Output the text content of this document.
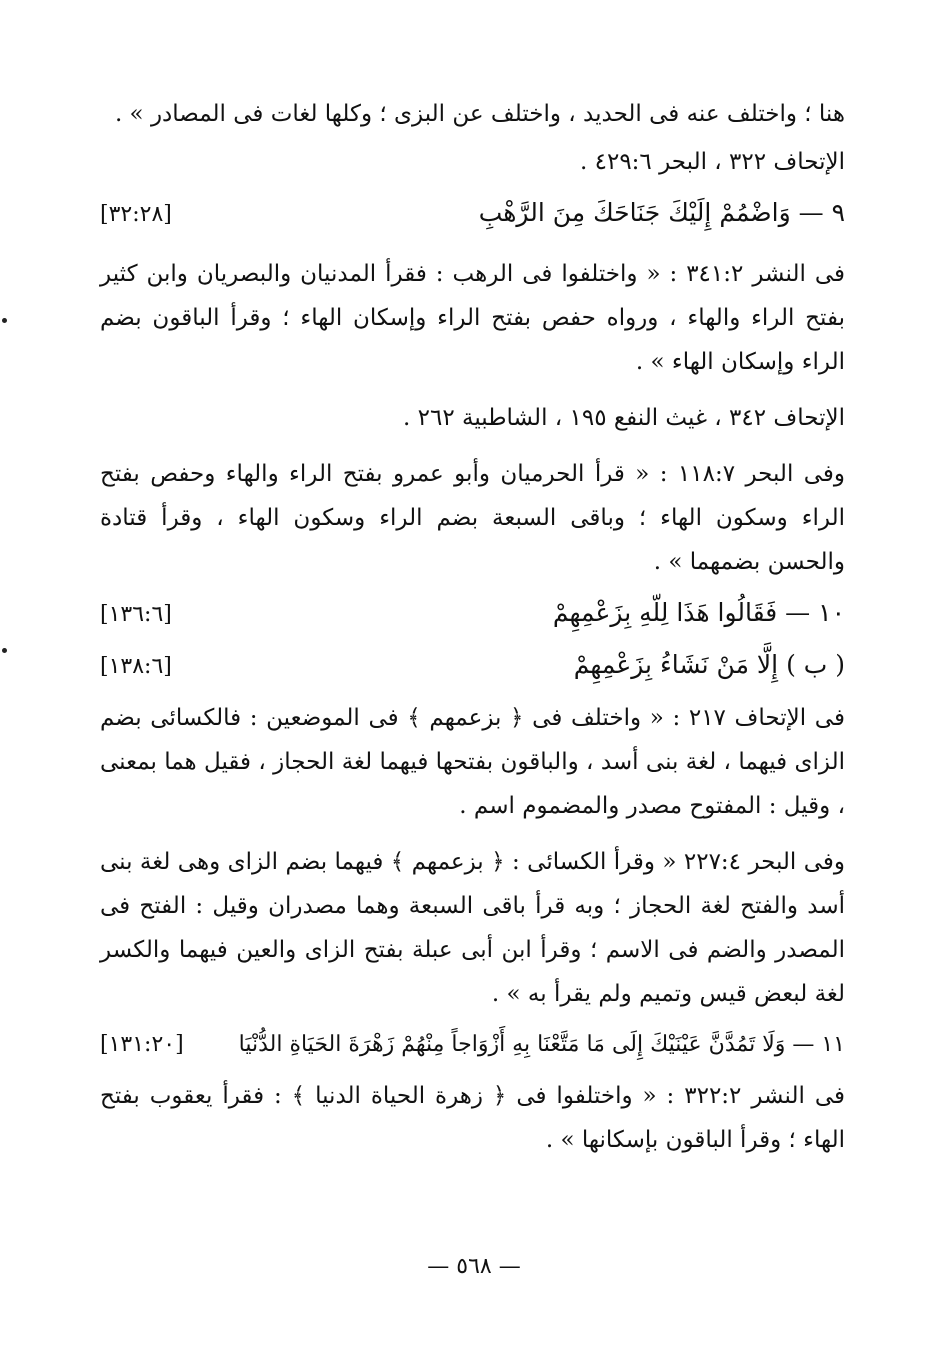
هنا ؛ واختلف عنه فى الحديد ، واختلف عن البزى ؛ وكلها لغات فى المصادر » .

الإتحاف ٣٢٢ ، البحر ٤٢٩:٦ .

٩ — وَاضْمُمْ إِلَيْكَ جَنَاحَكَ مِنَ الرَّهْبِ
[٣٢:٢٨]

فى النشر ٣٤١:٢ : « واختلفوا فى الرهب : فقرأ المدنيان والبصريان وابن كثير بفتح الراء والهاء ، ورواه حفص بفتح الراء وإسكان الهاء ؛ وقرأ الباقون بضم الراء وإسكان الهاء » .

الإتحاف ٣٤٢ ، غيث النفع ١٩٥ ، الشاطبية ٢٦٢ .

وفى البحر ١١٨:٧ : « قرأ الحرميان وأبو عمرو بفتح الراء والهاء وحفص بفتح الراء وسكون الهاء ؛ وباقى السبعة بضم الراء وسكون الهاء ، وقرأ قتادة والحسن بضمهما » .

١٠ — فَقَالُوا هَذَا لِلّهِ بِزَعْمِهِمْ
[١٣٦:٦]
( ب ) إِلَّا مَنْ نَشَاءُ بِزَعْمِهِمْ
[١٣٨:٦]

فى الإتحاف ٢١٧ : « واختلف فى ﴿ بزعمهم ﴾ فى الموضعين : فالكسائى بضم الزاى فيهما ، لغة بنى أسد ، والباقون بفتحها فيهما لغة الحجاز ، فقيل هما بمعنى ، وقيل : المفتوح مصدر والمضموم اسم .

وفى البحر ٢٢٧:٤ « وقرأ الكسائى : ﴿ بزعمهم ﴾ فيهما بضم الزاى وهى لغة بنى أسد والفتح لغة الحجاز ؛ وبه قرأ باقى السبعة وهما مصدران وقيل : الفتح فى المصدر والضم فى الاسم ؛ وقرأ ابن أبى عبلة بفتح الزاى والعين فيهما والكسر لغة لبعض قيس وتميم ولم يقرأ به » .

١١ — وَلَا تَمُدَّنَّ عَيْنَيْكَ إِلَى مَا مَتَّعْنَا بِهِ أَزْوَاجاً مِنْهُمْ زَهْرَةَ الحَيَاةِ الدُّنْيَا
[١٣١:٢٠]

فى النشر ٣٢٢:٢ : « واختلفوا فى ﴿ زهرة الحياة الدنيا ﴾ : فقرأ يعقوب بفتح الهاء ؛ وقرأ الباقون بإسكانها » .

— ٥٦٨ —
